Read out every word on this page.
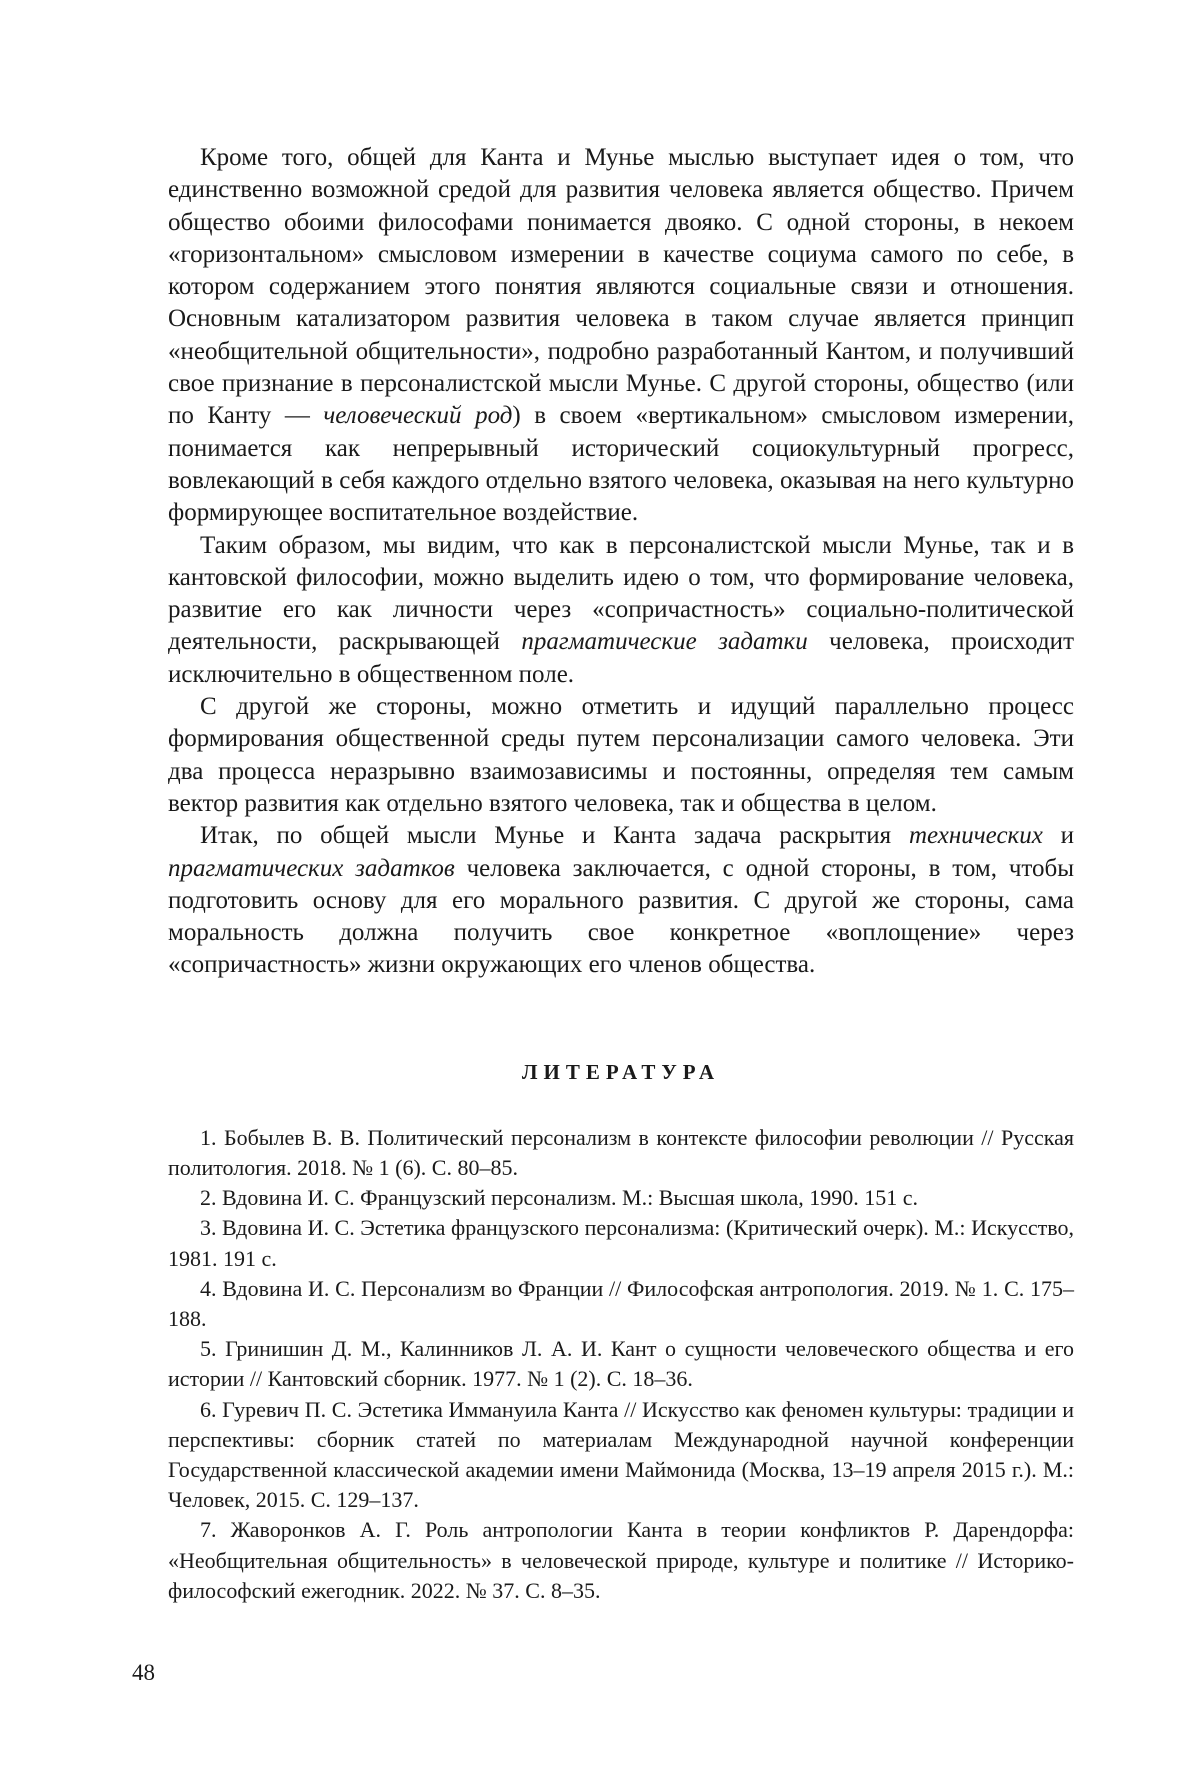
Кроме того, общей для Канта и Мунье мыслью выступает идея о том, что единственно возможной средой для развития человека является общество. Причем общество обоими философами понимается двояко. С одной стороны, в некоем «горизонтальном» смысловом измерении в качестве социума самого по себе, в котором содержанием этого понятия являются социальные связи и отношения. Основным катализатором развития человека в таком случае является принцип «необщительной общительности», подробно разработанный Кантом, и получивший свое признание в персоналистской мысли Мунье. С другой стороны, общество (или по Канту — человеческий род) в своем «вертикальном» смысловом измерении, понимается как непрерывный исторический социокультурный прогресс, вовлекающий в себя каждого отдельно взятого человека, оказывая на него культурно формирующее воспитательное воздействие.

Таким образом, мы видим, что как в персоналистской мысли Мунье, так и в кантовской философии, можно выделить идею о том, что формирование человека, развитие его как личности через «сопричастность» социально-политической деятельности, раскрывающей прагматические задатки человека, происходит исключительно в общественном поле.

С другой же стороны, можно отметить и идущий параллельно процесс формирования общественной среды путем персонализации самого человека. Эти два процесса неразрывно взаимозависимы и постоянны, определяя тем самым вектор развития как отдельно взятого человека, так и общества в целом.

Итак, по общей мысли Мунье и Канта задача раскрытия технических и прагматических задатков человека заключается, с одной стороны, в том, чтобы подготовить основу для его морального развития. С другой же стороны, сама моральность должна получить свое конкретное «воплощение» через «сопричастность» жизни окружающих его членов общества.

ЛИТЕРАТУРА

1. Бобылев В. В. Политический персонализм в контексте философии революции // Русская политология. 2018. № 1 (6). С. 80–85.

2. Вдовина И. С. Французский персонализм. М.: Высшая школа, 1990. 151 с.

3. Вдовина И. С. Эстетика французского персонализма: (Критический очерк). М.: Искусство, 1981. 191 с.

4. Вдовина И. С. Персонализм во Франции // Философская антропология. 2019. № 1. С. 175–188.

5. Гринишин Д. М., Калинников Л. А. И. Кант о сущности человеческого общества и его истории // Кантовский сборник. 1977. № 1 (2). С. 18–36.

6. Гуревич П. С. Эстетика Иммануила Канта // Искусство как феномен культуры: традиции и перспективы: сборник статей по материалам Международной научной конференции Государственной классической академии имени Маймонида (Москва, 13–19 апреля 2015 г.). М.: Человек, 2015. С. 129–137.

7. Жаворонков А. Г. Роль антропологии Канта в теории конфликтов Р. Дарендорфа: «Необщительная общительность» в человеческой природе, культуре и политике // Историко-философский ежегодник. 2022. № 37. С. 8–35.

48
